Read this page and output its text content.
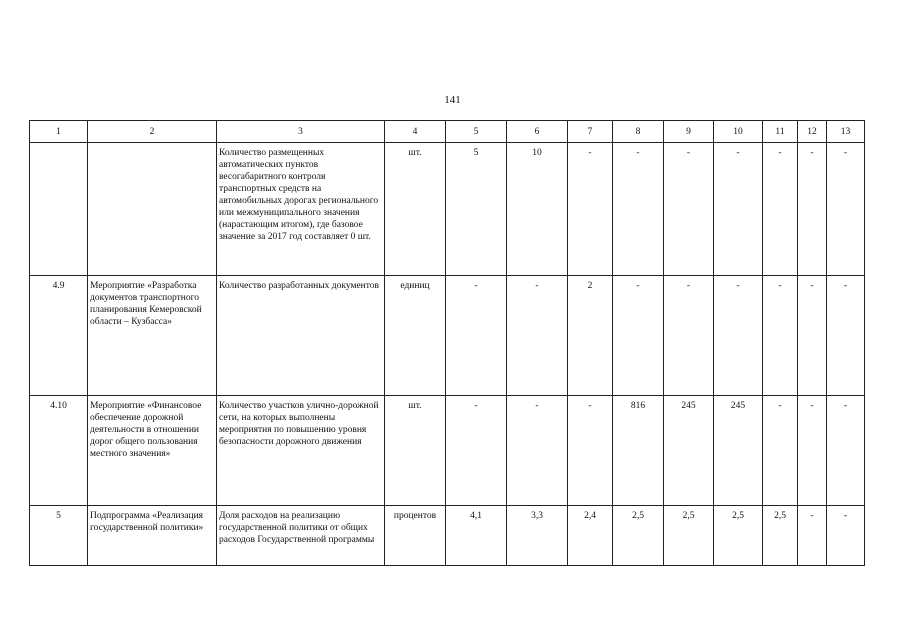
141
1	2	3	4	5	6	7	8	9	10	11	12	13
		Количество размещенных автоматических пунктов весогабаритного контроля транспортных средств на автомобильных дорогах регионального или межмуниципального значения (нарастающим итогом), где базовое значение за 2017 год составляет 0 шт.	шт.	5	10	-	-	-	-	-	-	-
4.9	Мероприятие «Разработка документов транспортного планирования Кемеровской области – Кузбасса»	Количество разработанных документов	единиц	-	-	2	-	-	-	-	-	-
4.10	Мероприятие «Финансовое обеспечение дорожной деятельности в отношении дорог общего пользования местного значения»	Количество участков улично-дорожной сети, на которых выполнены мероприятия по повышению уровня безопасности дорожного движения	шт.	-	-	-	816	245	245	-	-	-
5	Подпрограмма «Реализация государственной политики»	Доля расходов на реализацию государственной политики от общих расходов Государственной программы	процентов	4,1	3,3	2,4	2,5	2,5	2,5	2,5	-	-
